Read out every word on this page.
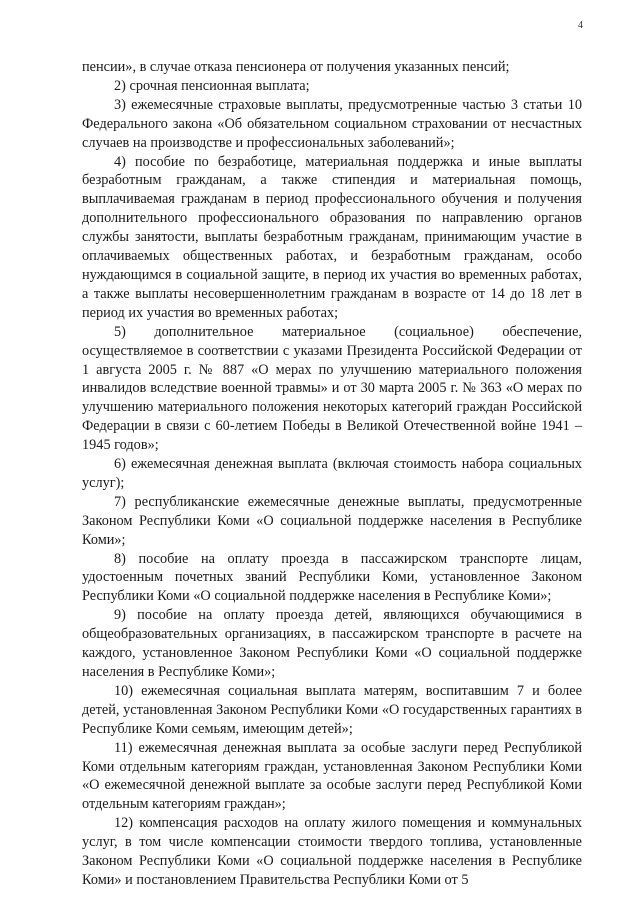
4

пенсии», в случае отказа пенсионера от получения указанных пенсий;

2) срочная пенсионная выплата;

3) ежемесячные страховые выплаты, предусмотренные частью 3 статьи 10 Федерального закона «Об обязательном социальном страховании от несчастных случаев на производстве и профессиональных заболеваний»;

4) пособие по безработице, материальная поддержка и иные выплаты безработным гражданам, а также стипендия и материальная помощь, выплачиваемая гражданам в период профессионального обучения и получения дополнительного профессионального образования по направлению органов службы занятости, выплаты безработным гражданам, принимающим участие в оплачиваемых общественных работах, и безработным гражданам, особо нуждающимся в социальной защите, в период их участия во временных работах, а также выплаты несовершеннолетним гражданам в возрасте от 14 до 18 лет в период их участия во временных работах;

5) дополнительное материальное (социальное) обеспечение, осуществляемое в соответствии с указами Президента Российской Федерации от 1 августа 2005 г. № 887 «О мерах по улучшению материального положения инвалидов вследствие военной травмы» и от 30 марта 2005 г. № 363 «О мерах по улучшению материального положения некоторых категорий граждан Российской Федерации в связи с 60-летием Победы в Великой Отечественной войне 1941 – 1945 годов»;

6) ежемесячная денежная выплата (включая стоимость набора социальных услуг);

7) республиканские ежемесячные денежные выплаты, предусмотренные Законом Республики Коми «О социальной поддержке населения в Республике Коми»;

8) пособие на оплату проезда в пассажирском транспорте лицам, удостоенным почетных званий Республики Коми, установленное Законом Республики Коми «О социальной поддержке населения в Республике Коми»;

9) пособие на оплату проезда детей, являющихся обучающимися в общеобразовательных организациях, в пассажирском транспорте в расчете на каждого, установленное Законом Республики Коми «О социальной поддержке населения в Республике Коми»;

10) ежемесячная социальная выплата матерям, воспитавшим 7 и более детей, установленная Законом Республики Коми «О государственных гарантиях в Республике Коми семьям, имеющим детей»;

11) ежемесячная денежная выплата за особые заслуги перед Республикой Коми отдельным категориям граждан, установленная Законом Республики Коми «О ежемесячной денежной выплате за особые заслуги перед Республикой Коми отдельным категориям граждан»;

12) компенсация расходов на оплату жилого помещения и коммунальных услуг, в том числе компенсации стоимости твердого топлива, установленные Законом Республики Коми «О социальной поддержке населения в Республике Коми» и постановлением Правительства Республики Коми от 5
